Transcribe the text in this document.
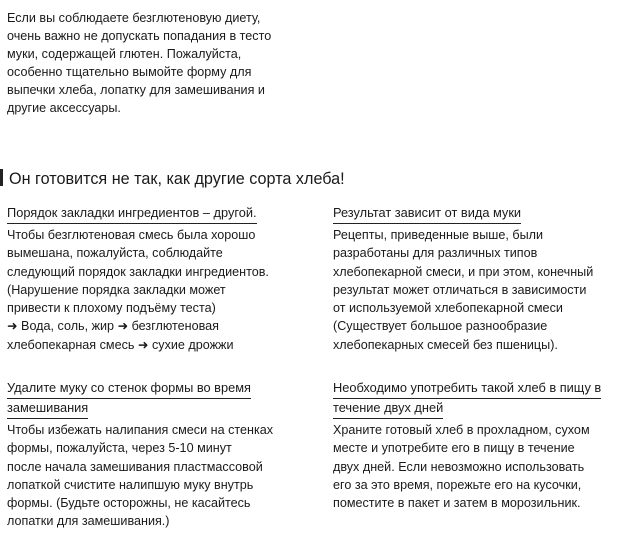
Если вы соблюдаете безглютеновую диету,
очень важно не допускать попадания в тесто
муки, содержащей глютен. Пожалуйста,
особенно тщательно вымойте форму для
выпечки хлеба, лопатку для замешивания и
другие аксессуары.

Он готовится не так, как другие сорта хлеба!
Порядок закладки ингредиентов – другой.

Чтобы безглютеновая смесь была хорошо
вымешана, пожалуйста, соблюдайте
следующий порядок закладки ингредиентов.
(Нарушение порядка закладки может
привести к плохому подъёму теста)
➜ Вода, соль, жир ➜ безглютеновая
хлебопекарная смесь ➜ сухие дрожжи

Результат зависит от вида муки

Рецепты, приведенные выше, были
разработаны для различных типов
хлебопекарной смеси, и при этом, конечный
результат может отличаться в зависимости
от используемой хлебопекарной смеси
(Существует большое разнообразие
хлебопекарных смесей без пшеницы).

Удалите муку со стенок формы во время
замешивания

Чтобы избежать налипания смеси на стенках
формы, пожалуйста, через 5-10 минут
после начала замешивания пластмассовой
лопаткой счистите налипшую муку внутрь
формы. (Будьте осторожны, не касайтесь
лопатки для замешивания.)

Необходимо употребить такой хлеб в пищу в
течение двух дней

Храните готовый хлеб в прохладном, сухом
месте и употребите его в пищу в течение
двух дней. Если невозможно использовать
его за это время, порежьте его на кусочки,
поместите в пакет и затем в морозильник.
